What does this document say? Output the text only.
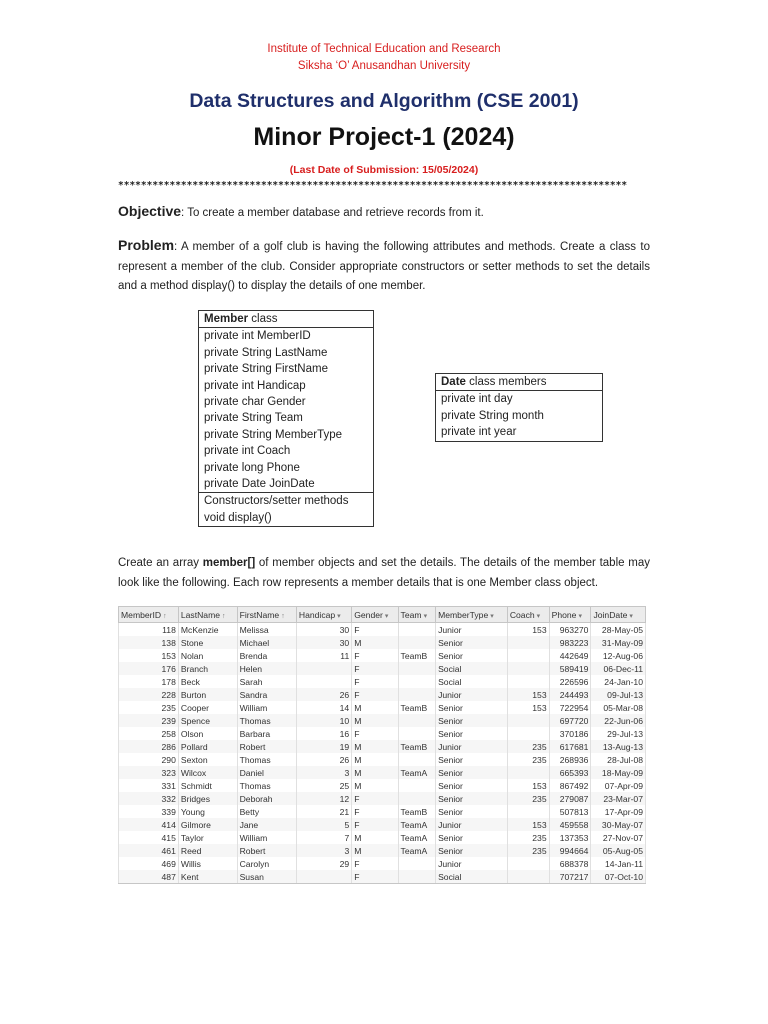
Institute of Technical Education and Research
Siksha ‘O’ Anusandhan University
Data Structures and Algorithm (CSE 2001)
Minor Project-1 (2024)
(Last Date of Submission: 15/05/2024)
*****************************************************************************************
Objective: To create a member database and retrieve records from it.
Problem: A member of a golf club is having the following attributes and methods. Create a class to represent a member of the club. Consider appropriate constructors or setter methods to set the details and a method display() to display the details of one member.
Member class
private int MemberID
private String LastName
private String FirstName
private int Handicap
private char Gender
private String Team
private String MemberType
private int Coach
private long Phone
private Date JoinDate
Constructors/setter methods
void display()
Date class members
private int day
private String month
private int year
Create an array member[] of member objects and set the details. The details of the member table may look like the following. Each row represents a member details that is one Member class object.
MemberID ↑	LastName ↑	FirstName ↑	Handicap ▾	Gender ▾	Team ▾	MemberType ▾	Coach ▾	Phone ▾	JoinDate ▾
118	McKenzie	Melissa	30	F		Junior	153	963270	28-May-05
138	Stone	Michael	30	M		Senior		983223	31-May-09
153	Nolan	Brenda	11	F	TeamB	Senior		442649	12-Aug-06
176	Branch	Helen		F		Social		589419	06-Dec-11
178	Beck	Sarah		F		Social		226596	24-Jan-10
228	Burton	Sandra	26	F		Junior	153	244493	09-Jul-13
235	Cooper	William	14	M	TeamB	Senior	153	722954	05-Mar-08
239	Spence	Thomas	10	M		Senior		697720	22-Jun-06
258	Olson	Barbara	16	F		Senior		370186	29-Jul-13
286	Pollard	Robert	19	M	TeamB	Junior	235	617681	13-Aug-13
290	Sexton	Thomas	26	M		Senior	235	268936	28-Jul-08
323	Wilcox	Daniel	3	M	TeamA	Senior		665393	18-May-09
331	Schmidt	Thomas	25	M		Senior	153	867492	07-Apr-09
332	Bridges	Deborah	12	F		Senior	235	279087	23-Mar-07
339	Young	Betty	21	F	TeamB	Senior		507813	17-Apr-09
414	Gilmore	Jane	5	F	TeamA	Junior	153	459558	30-May-07
415	Taylor	William	7	M	TeamA	Senior	235	137353	27-Nov-07
461	Reed	Robert	3	M	TeamA	Senior	235	994664	05-Aug-05
469	Willis	Carolyn	29	F		Junior		688378	14-Jan-11
487	Kent	Susan		F		Social		707217	07-Oct-10
